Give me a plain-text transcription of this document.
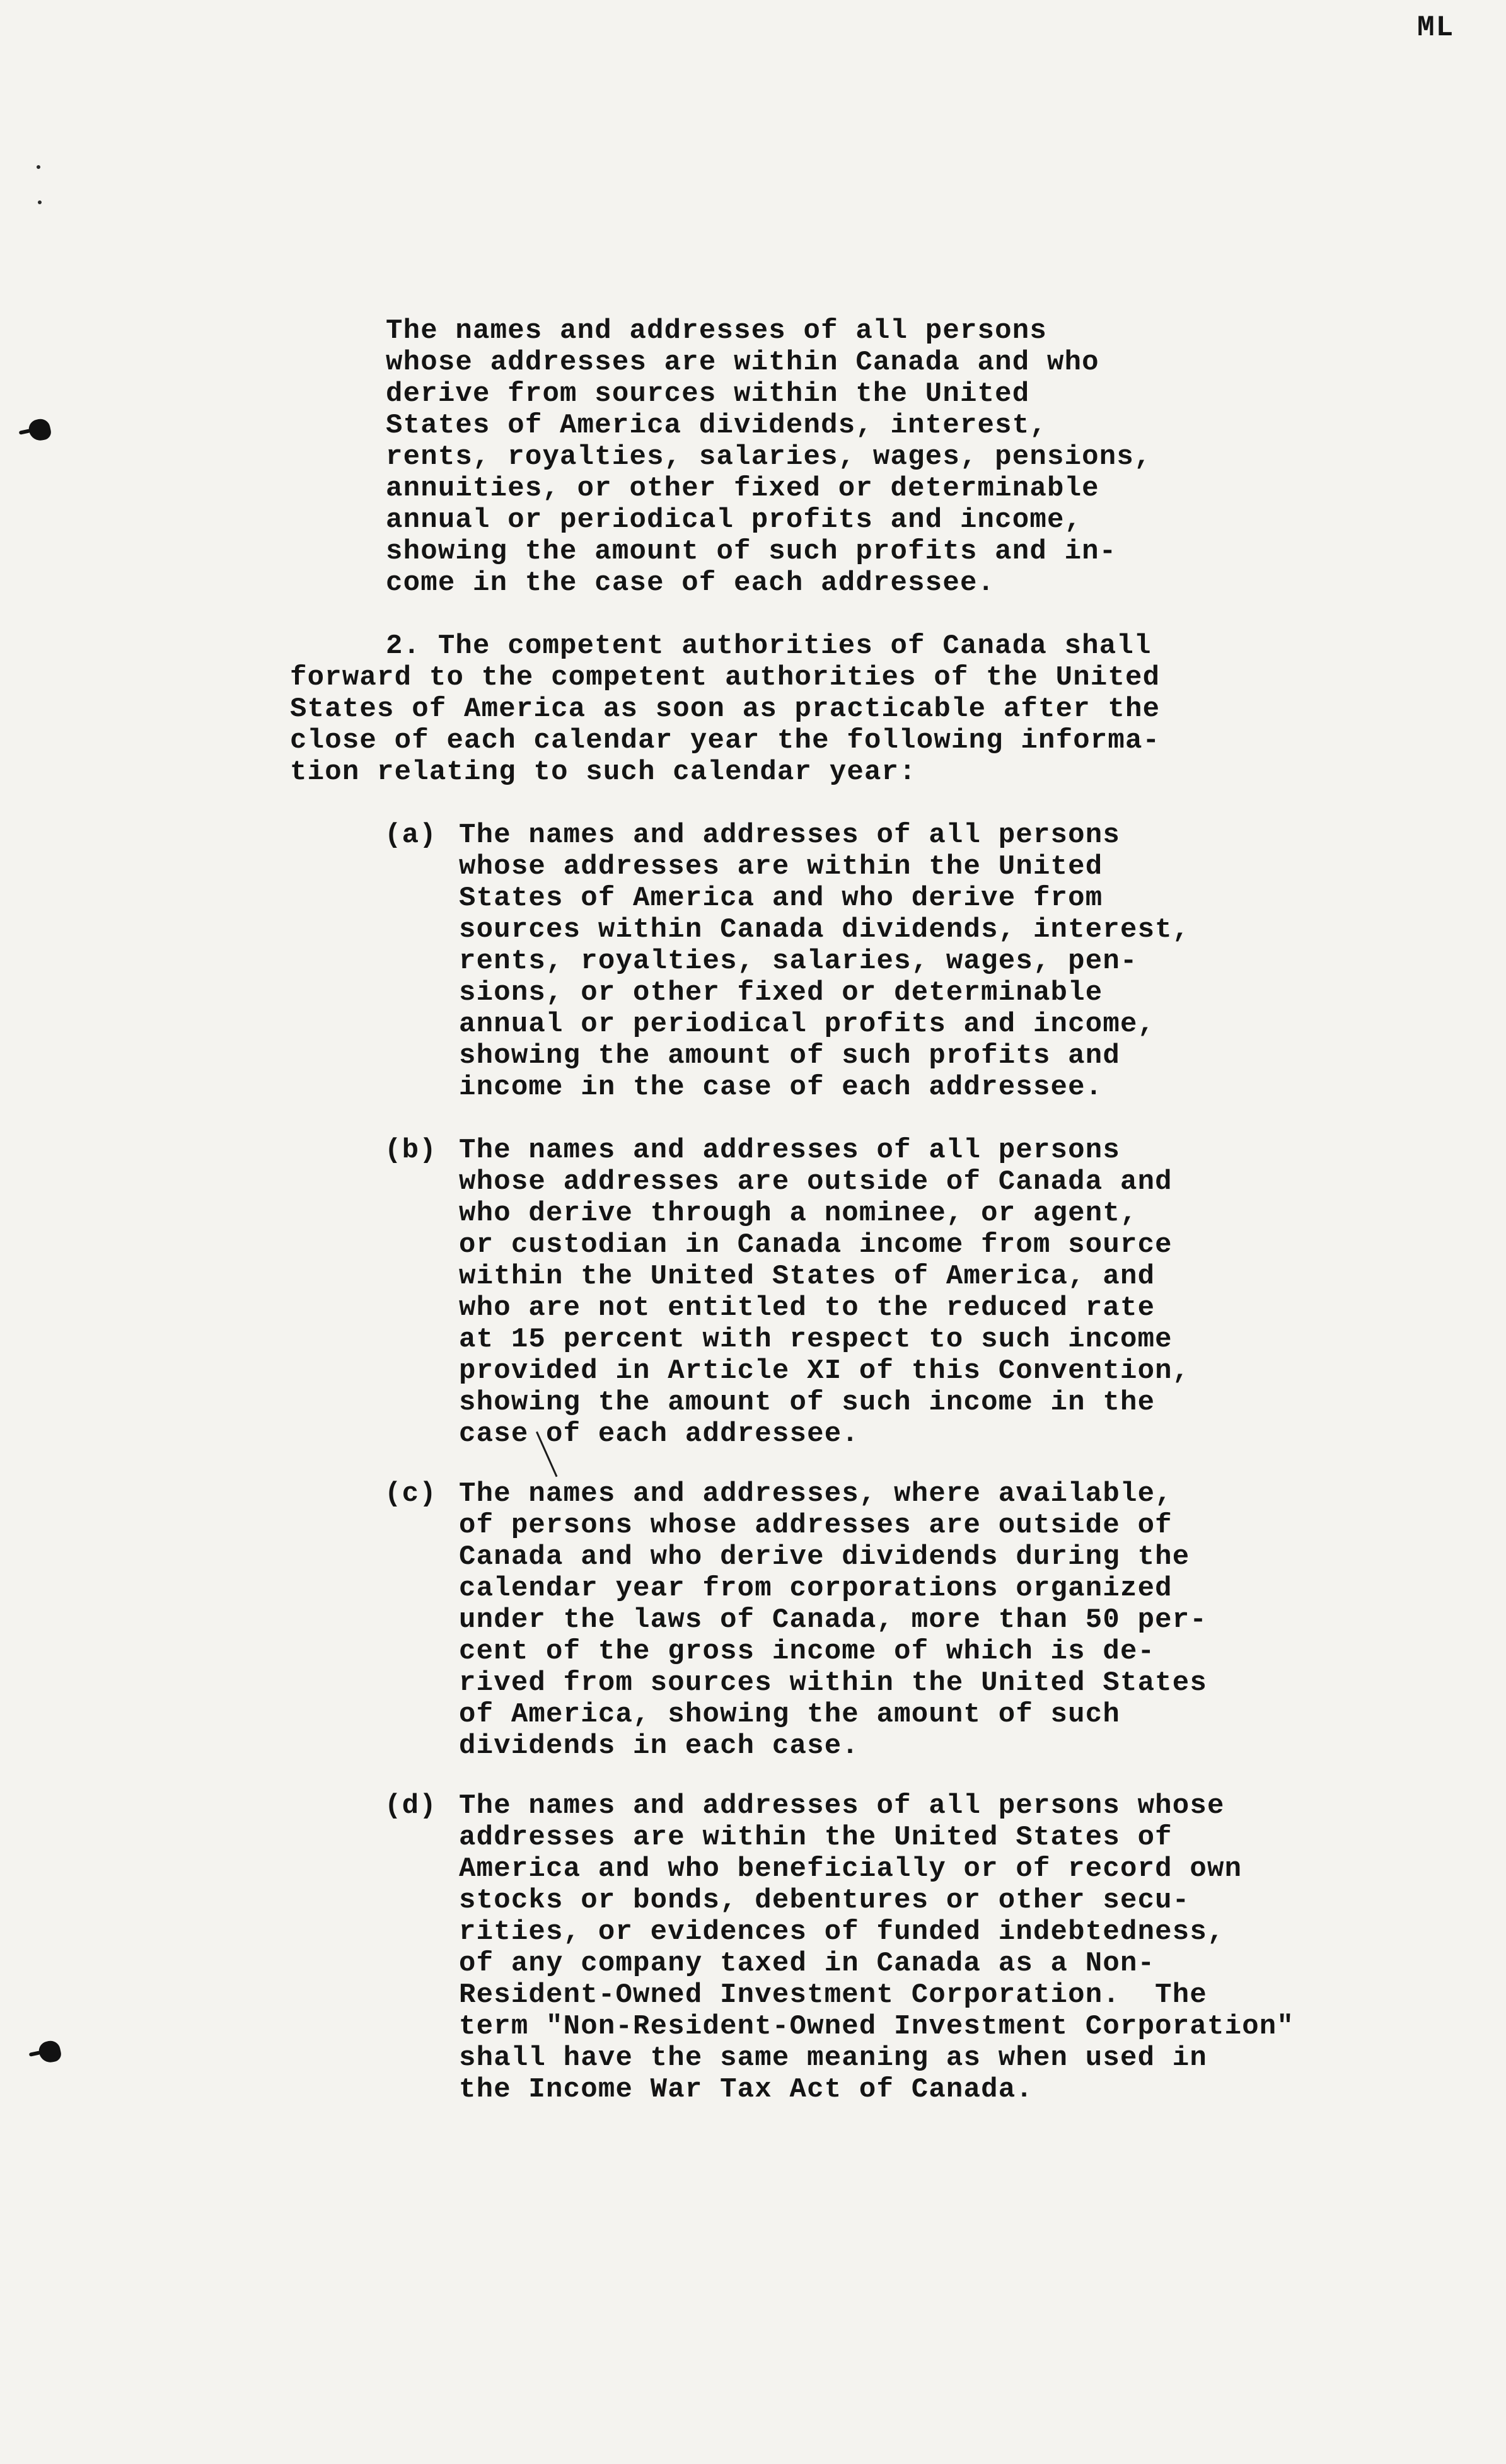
ML
The names and addresses of all persons
whose addresses are within Canada and who
derive from sources within the United
States of America dividends, interest,
rents, royalties, salaries, wages, pensions,
annuities, or other fixed or determinable
annual or periodical profits and income,
showing the amount of such profits and in-
come in the case of each addressee.
2. The competent authorities of Canada shall
forward to the competent authorities of the United
States of America as soon as practicable after the
close of each calendar year the following informa-
tion relating to such calendar year:
(a) The names and addresses of all persons
whose addresses are within the United
States of America and who derive from
sources within Canada dividends, interest,
rents, royalties, salaries, wages, pen-
sions, or other fixed or determinable
annual or periodical profits and income,
showing the amount of such profits and
income in the case of each addressee.
(b) The names and addresses of all persons
whose addresses are outside of Canada and
who derive through a nominee, or agent,
or custodian in Canada income from source
within the United States of America, and
who are not entitled to the reduced rate
at 15 percent with respect to such income
provided in Article XI of this Convention,
showing the amount of such income in the
case of each addressee.
(c) The names and addresses, where available,
of persons whose addresses are outside of
Canada and who derive dividends during the
calendar year from corporations organized
under the laws of Canada, more than 50 per-
cent of the gross income of which is de-
rived from sources within the United States
of America, showing the amount of such
dividends in each case.
(d) The names and addresses of all persons whose
addresses are within the United States of
America and who beneficially or of record own
stocks or bonds, debentures or other secu-
rities, or evidences of funded indebtedness,
of any company taxed in Canada as a Non-
Resident-Owned Investment Corporation.  The
term "Non-Resident-Owned Investment Corporation"
shall have the same meaning as when used in
the Income War Tax Act of Canada.
